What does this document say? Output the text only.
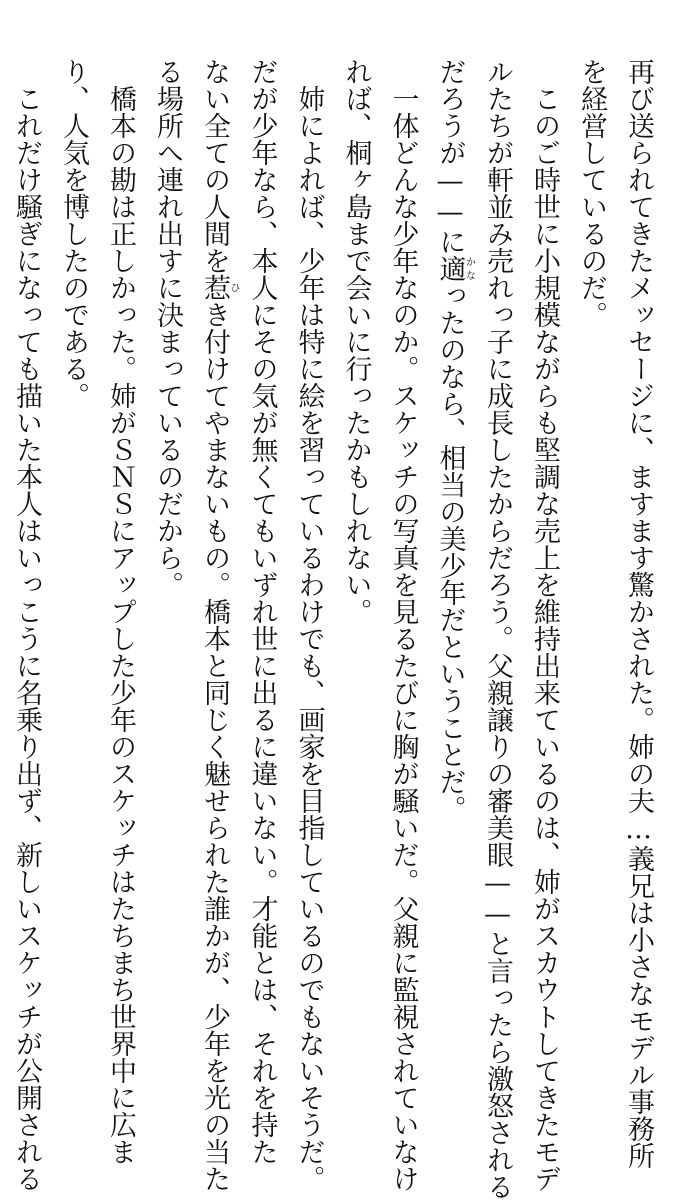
再び送られてきたメッセージに、ますます驚かされた。姉の夫…義兄は小さなモデル事務所
を経営しているのだ。
　このご時世に小規模ながらも堅調な売上を維持出来ているのは、姉がスカウトしてきたモデ
ルたちが軒並み売れっ子に成長したからだろう。父親譲りの審美眼——と言ったら激怒される
だろうが——に適かなったのなら、相当の美少年だということだ。
　一体どんな少年なのか。スケッチの写真を見るたびに胸が騒いだ。父親に監視されていなけ
れば、桐ヶ島まで会いに行ったかもしれない。
　姉によれば、少年は特に絵を習っているわけでも、画家を目指しているのでもないそうだ。
だが少年なら、本人にその気が無くてもいずれ世に出るに違いない。才能とは、それを持た
ない全ての人間を惹ひき付けてやまないもの。橋本と同じく魅せられた誰かが、少年を光の当た
る場所へ連れ出すに決まっているのだから。
　橋本の勘は正しかった。姉がＳＮＳにアップした少年のスケッチはたちまち世界中に広ま
り、人気を博したのである。
　これだけ騒ぎになっても描いた本人はいっこうに名乗り出ず、新しいスケッチが公開される
